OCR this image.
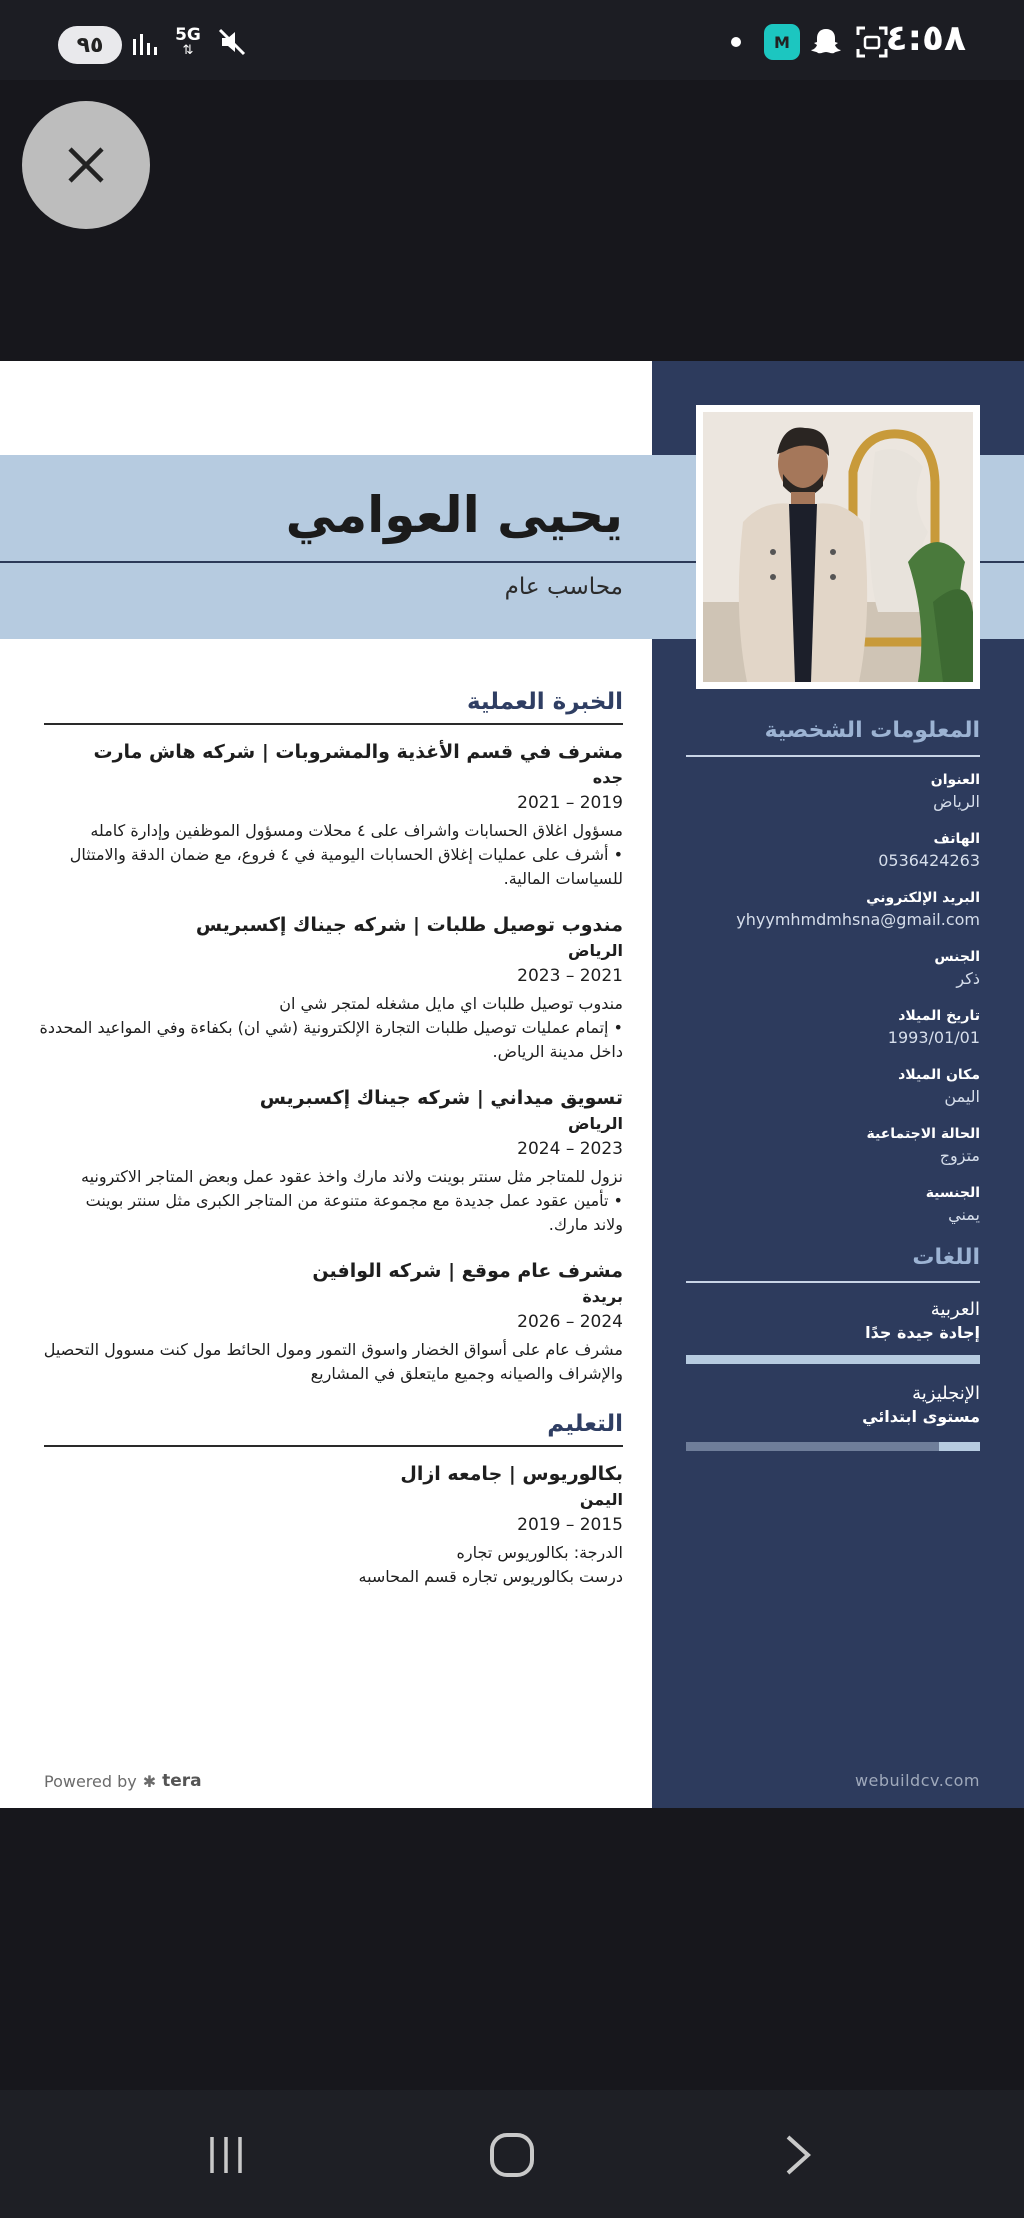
٩٥	5G
⇅	M	٤:٥٨
يحيى العوامي
محاسب عام
الخبرة العملية
مشرف في قسم الأغذية والمشروبات | شركه هاش مارت
جده
2019 – 2021
مسؤول اغلاق الحسابات واشراف على ٤ محلات ومسؤول الموظفين وإدارة كامله
• أشرف على عمليات إغلاق الحسابات اليومية في ٤ فروع، مع ضمان الدقة والامتثال
للسياسات المالية.
مندوب توصيل طلبات | شركه جيناك إكسبريس
الرياض
2021 – 2023
مندوب توصيل طلبات اي مايل مشغله لمتجر شي ان
• إتمام عمليات توصيل طلبات التجارة الإلكترونية (شي ان) بكفاءة وفي المواعيد المحددة
داخل مدينة الرياض.
تسويق ميداني | شركه جيناك إكسبريس
الرياض
2023 – 2024
نزول للمتاجر مثل سنتر بوينت ولاند مارك واخذ عقود عمل وبعض المتاجر الاكترونيه
• تأمين عقود عمل جديدة مع مجموعة متنوعة من المتاجر الكبرى مثل سنتر بوينت
ولاند مارك.
مشرف عام موقع | شركه الوافين
بريدة
2024 – 2026
مشرف عام على أسواق الخضار واسوق التمور ومول الحائط مول كنت مسوول التحصيل
والإشراف والصيانه وجميع مايتعلق في المشاريع
التعليم
بكالوريوس | جامعه ازال
اليمن
2015 – 2019
الدرجة: بكالوريوس تجاره
درست بكالوريوس تجاره قسم المحاسبه
المعلومات الشخصية
العنوان
الرياض
الهاتف
0536424263
البريد الإلكتروني
yhyymhmdmhsna@gmail.com
الجنس
ذكر
تاريخ الميلاد
1993/01/01
مكان الميلاد
اليمن
الحالة الاجتماعية
متزوج
الجنسية
يمني
اللغات
العربية
إجادة جيدة جدًا
الإنجليزية
مستوى ابتدائي
Powered by ✱ tera	webuildcv.com
